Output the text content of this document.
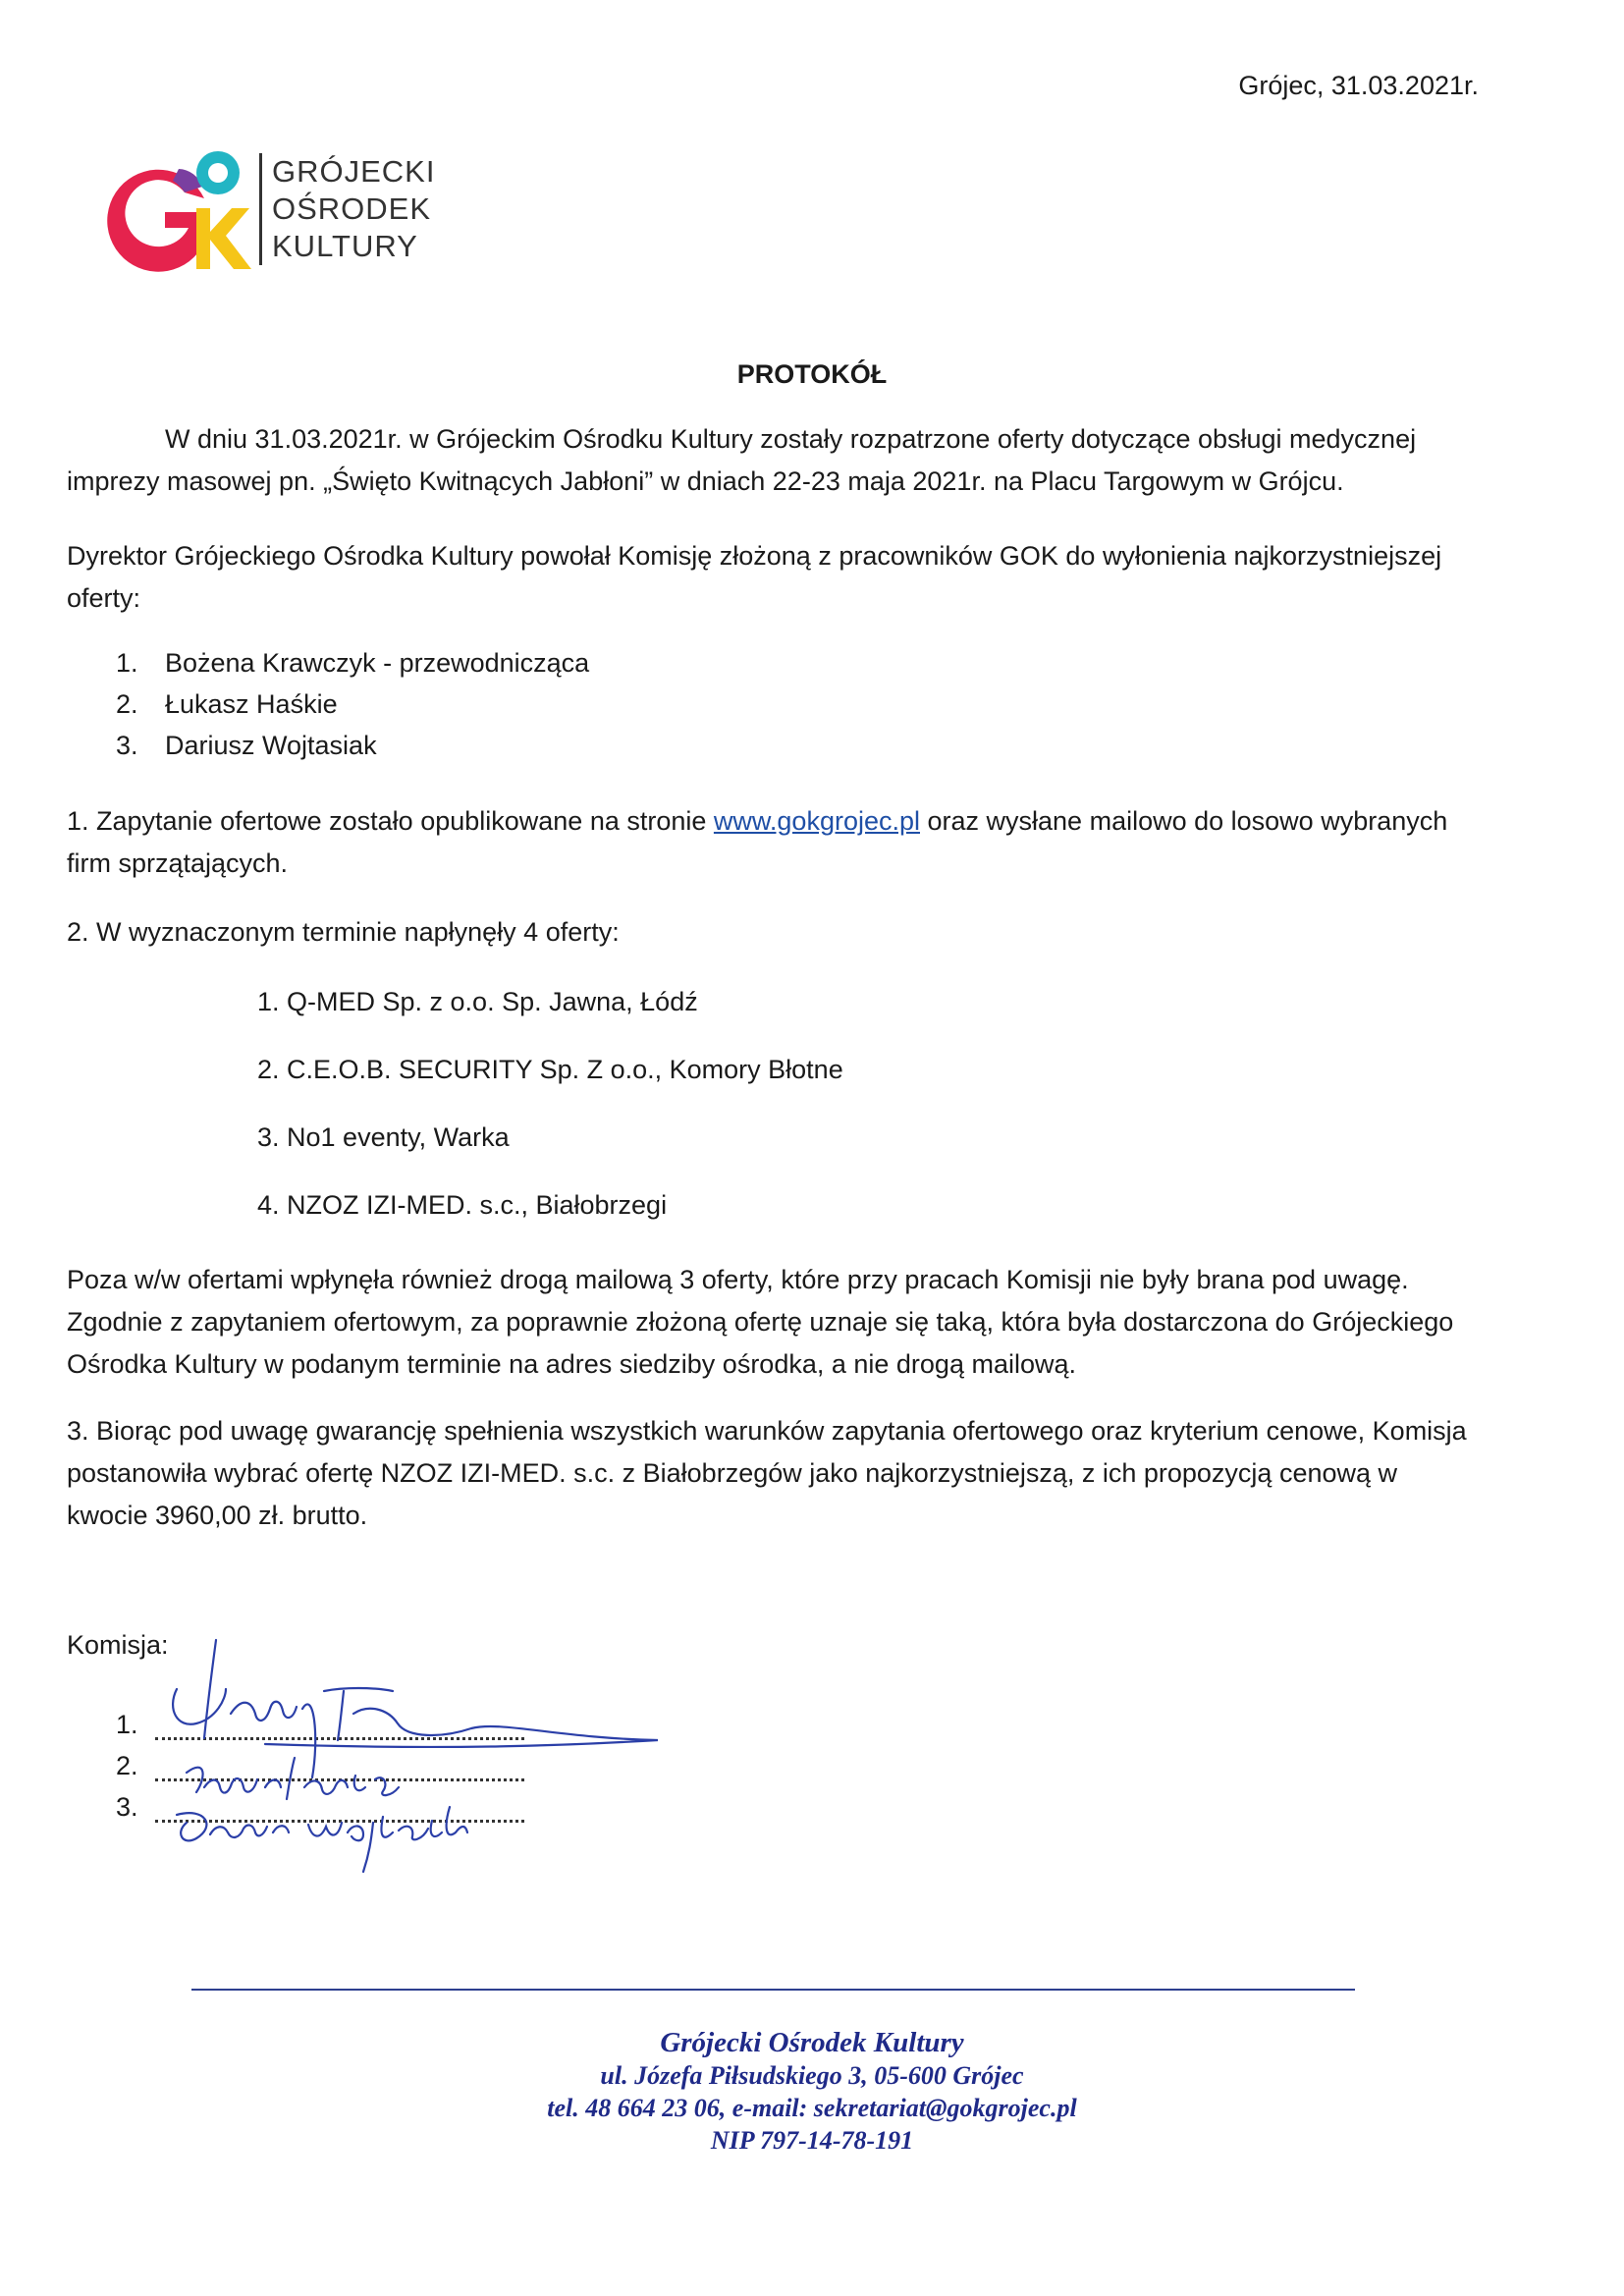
Grójec, 31.03.2021r.
GRÓJECKI
OŚRODEK
KULTURY
PROTOKÓŁ
W dniu 31.03.2021r. w Grójeckim Ośrodku Kultury zostały rozpatrzone oferty dotyczące obsługi medycznej imprezy masowej pn. „Święto Kwitnących Jabłoni” w dniach 22-23 maja 2021r. na Placu Targowym w Grójcu.
Dyrektor Grójeckiego Ośrodka Kultury powołał Komisję złożoną z pracowników GOK do wyłonienia najkorzystniejszej oferty:
1.	Bożena Krawczyk - przewodnicząca
2.	Łukasz Haśkie
3.	Dariusz Wojtasiak
1. Zapytanie ofertowe zostało opublikowane na stronie www.gokgrojec.pl oraz wysłane mailowo do losowo wybranych firm sprzątających.
2. W wyznaczonym terminie napłynęły 4 oferty:
1. Q-MED Sp. z o.o. Sp. Jawna, Łódź
2. C.E.O.B. SECURITY Sp. Z o.o., Komory Błotne
3. No1 eventy, Warka
4. NZOZ IZI-MED. s.c., Białobrzegi
Poza w/w ofertami wpłynęła również drogą mailową 3 oferty, które przy pracach Komisji nie były brana pod uwagę. Zgodnie z zapytaniem ofertowym, za poprawnie złożoną ofertę uznaje się taką, która była dostarczona do Grójeckiego Ośrodka Kultury w podanym terminie na adres siedziby ośrodka, a nie drogą mailową.
3. Biorąc pod uwagę gwarancję spełnienia wszystkich warunków zapytania ofertowego oraz kryterium cenowe, Komisja postanowiła wybrać ofertę NZOZ IZI-MED. s.c. z Białobrzegów jako najkorzystniejszą, z ich propozycją cenową w kwocie 3960,00 zł. brutto.
Komisja:
1.
2.
3.
Grójecki Ośrodek Kultury
ul. Józefa Piłsudskiego 3, 05-600 Grójec
tel. 48 664 23 06, e-mail: sekretariat@gokgrojec.pl
NIP 797-14-78-191
